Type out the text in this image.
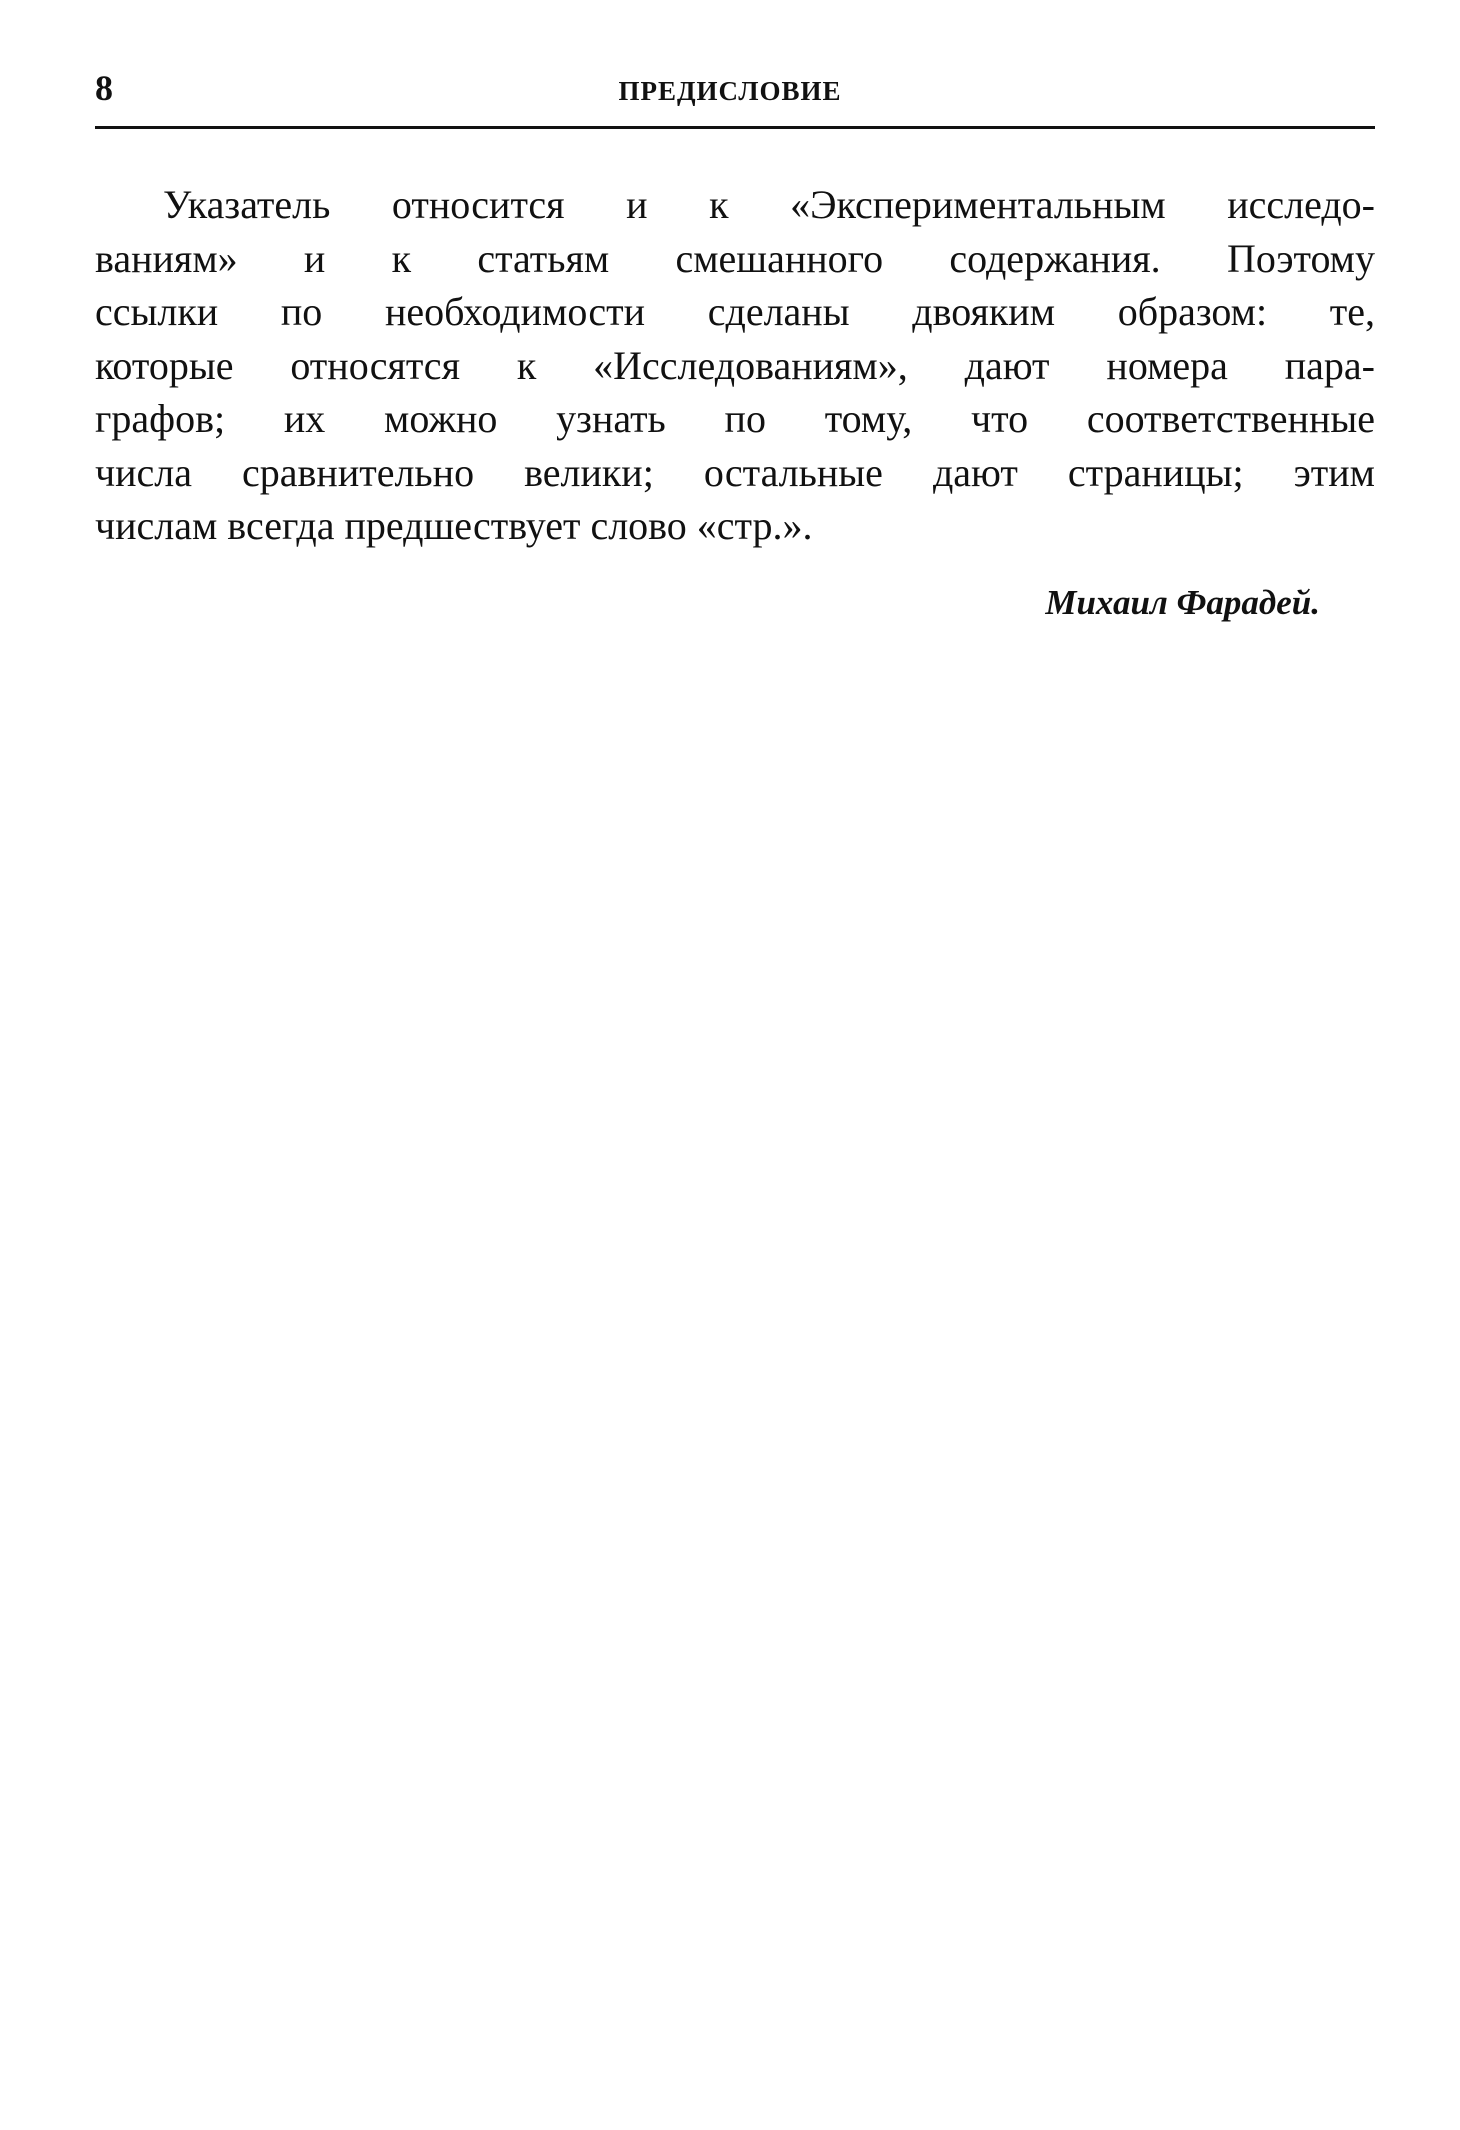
8	ПРЕДИСЛОВИЕ

Указатель относится и к «Экспериментальным исследо-
ваниям» и к статьям смешанного содержания. Поэтому
ссылки по необходимости сделаны двояким образом: те,
которые относятся к «Исследованиям», дают номера пара-
графов; их можно узнать по тому, что соответственные
числа сравнительно велики; остальные дают страницы; этим
числам всегда предшествует слово «стр.».

Михаил Фарадей.
